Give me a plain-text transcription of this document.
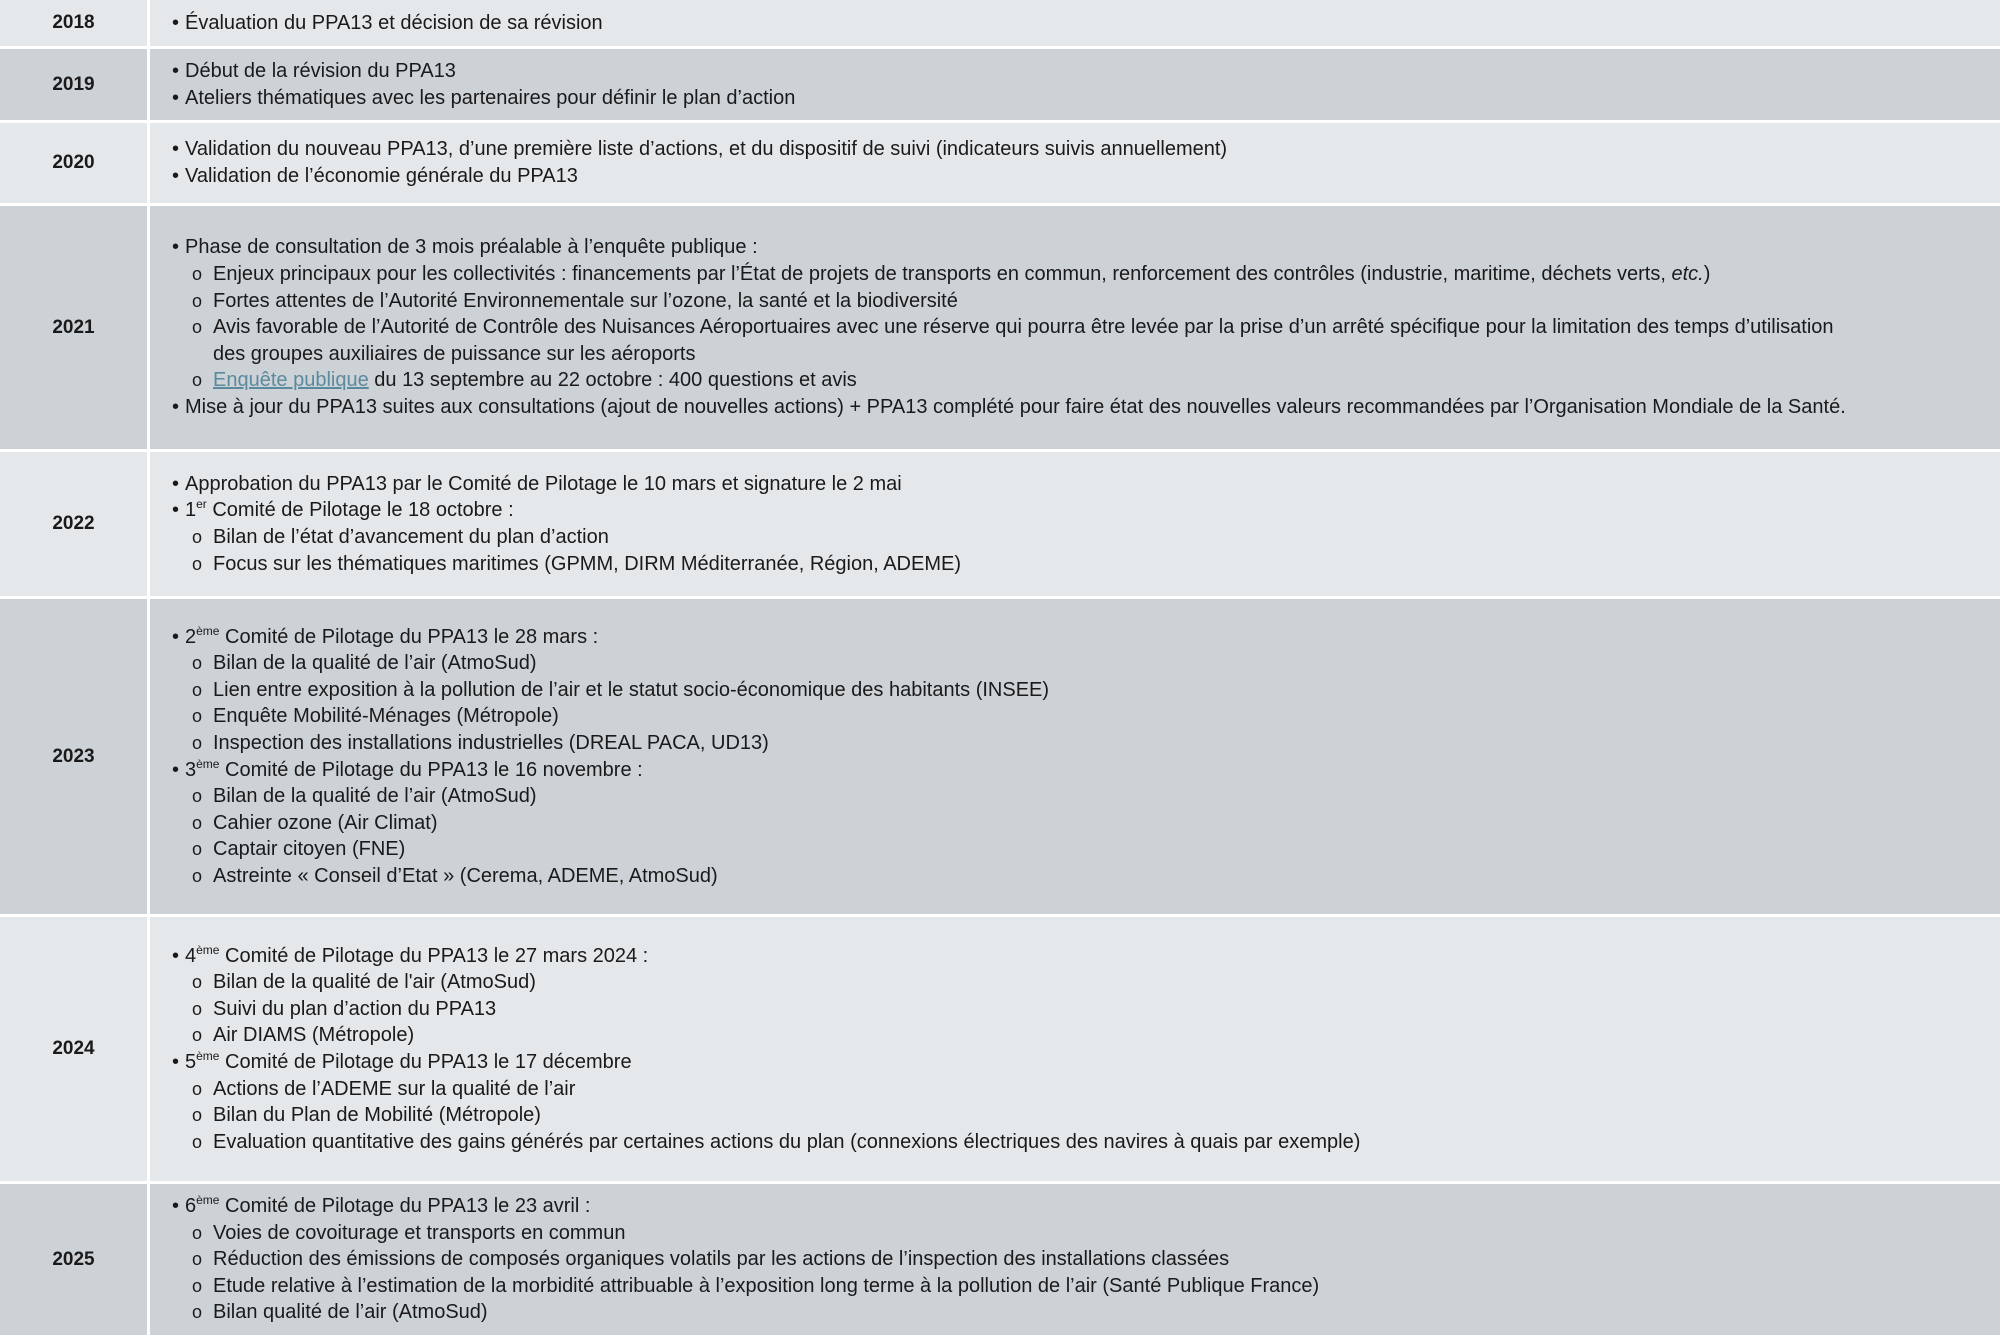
2018	• Évaluation du PPA13 et décision de sa révision
2019
• Début de la révision du PPA13
• Ateliers thématiques avec les partenaires pour définir le plan d’action
2020
• Validation du nouveau PPA13, d’une première liste d’actions, et du dispositif de suivi (indicateurs suivis annuellement)
• Validation de l’économie générale du PPA13
2021
• Phase de consultation de 3 mois préalable à l’enquête publique :
o Enjeux principaux pour les collectivités : financements par l’État de projets de transports en commun, renforcement des contrôles (industrie, maritime, déchets verts, etc.)
o Fortes attentes de l’Autorité Environnementale sur l’ozone, la santé et la biodiversité
o Avis favorable de l’Autorité de Contrôle des Nuisances Aéroportuaires avec une réserve qui pourra être levée par la prise d’un arrêté spécifique pour la limitation des temps d’utilisation
des groupes auxiliaires de puissance sur les aéroports
o Enquête publique du 13 septembre au 22 octobre : 400 questions et avis
• Mise à jour du PPA13 suites aux consultations (ajout de nouvelles actions) + PPA13 complété pour faire état des nouvelles valeurs recommandées par l’Organisation Mondiale de la Santé.
2022
• Approbation du PPA13 par le Comité de Pilotage le 10 mars et signature le 2 mai
• 1er Comité de Pilotage le 18 octobre :
o Bilan de l’état d’avancement du plan d’action
o Focus sur les thématiques maritimes (GPMM, DIRM Méditerranée, Région, ADEME)
2023
• 2ème Comité de Pilotage du PPA13 le 28 mars :
o Bilan de la qualité de l’air (AtmoSud)
o Lien entre exposition à la pollution de l’air et le statut socio-économique des habitants (INSEE)
o Enquête Mobilité-Ménages (Métropole)
o Inspection des installations industrielles (DREAL PACA, UD13)
• 3ème Comité de Pilotage du PPA13 le 16 novembre :
o Bilan de la qualité de l’air (AtmoSud)
o Cahier ozone (Air Climat)
o Captair citoyen (FNE)
o Astreinte « Conseil d’Etat » (Cerema, ADEME, AtmoSud)
2024
• 4ème Comité de Pilotage du PPA13 le 27 mars 2024 :
o Bilan de la qualité de l'air (AtmoSud)
o Suivi du plan d’action du PPA13
o Air DIAMS (Métropole)
• 5ème Comité de Pilotage du PPA13 le 17 décembre
o Actions de l’ADEME sur la qualité de l’air
o Bilan du Plan de Mobilité (Métropole)
o Evaluation quantitative des gains générés par certaines actions du plan (connexions électriques des navires à quais par exemple)
2025
• 6ème Comité de Pilotage du PPA13 le 23 avril :
o Voies de covoiturage et transports en commun
o Réduction des émissions de composés organiques volatils par les actions de l’inspection des installations classées
o Etude relative à l’estimation de la morbidité attribuable à l’exposition long terme à la pollution de l’air (Santé Publique France)
o Bilan qualité de l’air (AtmoSud)
